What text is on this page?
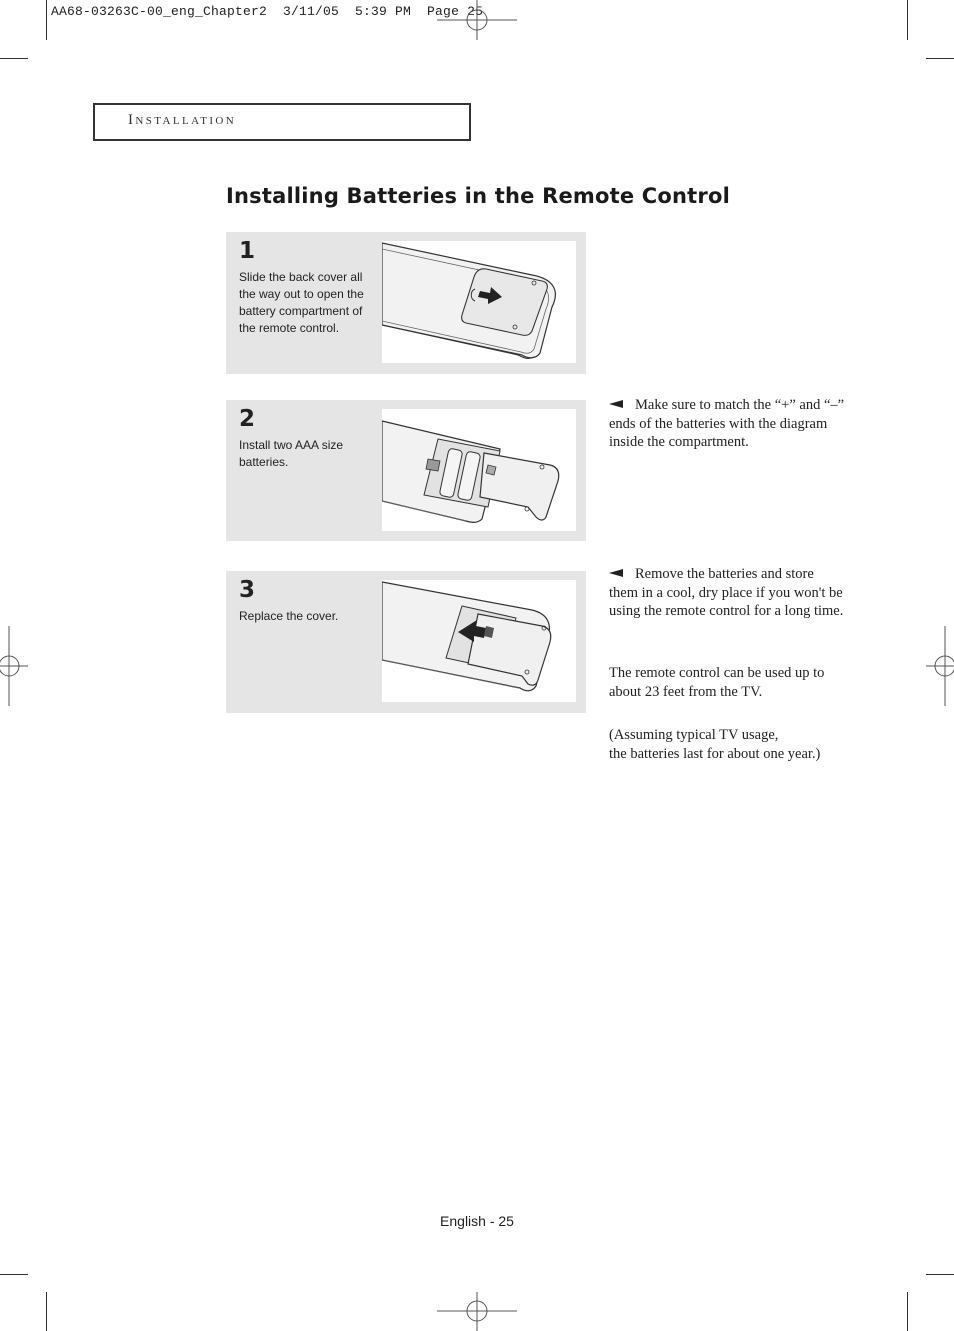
AA68-03263C-00_eng_Chapter2  3/11/05  5:39 PM  Page 25
Installation
Installing Batteries in the Remote Control
1
Slide the back cover all the way out to open the battery compartment of the remote control.
2
Install two AAA size batteries.
3
Replace the cover.
Make sure to match the “+” and “–” ends of the batteries with the diagram inside the compartment.
Remove the batteries and store them in a cool, dry place if you won't be using the remote control for a long time.
The remote control can be used up to about 23 feet from the TV.
(Assuming typical TV usage,
the batteries last for about one year.)
English - 25
